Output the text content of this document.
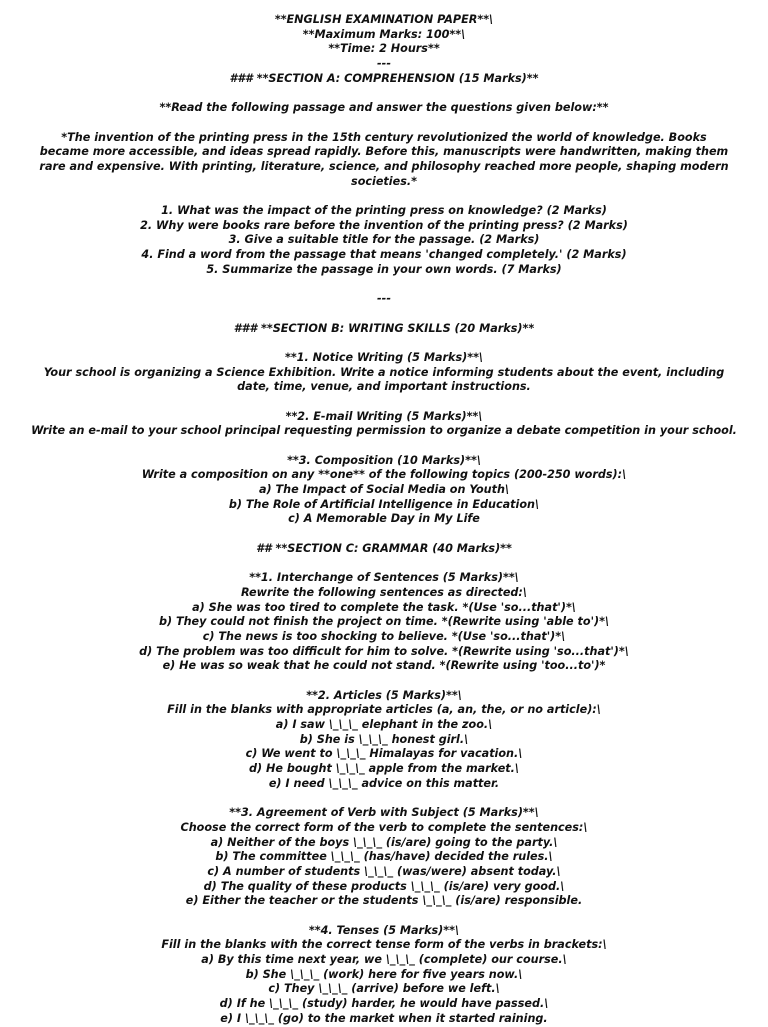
**ENGLISH EXAMINATION PAPER**\
**Maximum Marks: 100**\
**Time: 2 Hours**
---
### **SECTION A: COMPREHENSION (15 Marks)**
**Read the following passage and answer the questions given below:**
*The invention of the printing press in the 15th century revolutionized the world of knowledge. Books became more accessible, and ideas spread rapidly. Before this, manuscripts were handwritten, making them rare and expensive. With printing, literature, science, and philosophy reached more people, shaping modern societies.*
1. What was the impact of the printing press on knowledge? (2 Marks)
2. Why were books rare before the invention of the printing press? (2 Marks)
3. Give a suitable title for the passage. (2 Marks)
4. Find a word from the passage that means 'changed completely.' (2 Marks)
5. Summarize the passage in your own words. (7 Marks)
---
### **SECTION B: WRITING SKILLS (20 Marks)**
**1. Notice Writing (5 Marks)**\
Your school is organizing a Science Exhibition. Write a notice informing students about the event, including date, time, venue, and important instructions.
**2. E-mail Writing (5 Marks)**\
Write an e-mail to your school principal requesting permission to organize a debate competition in your school.
**3. Composition (10 Marks)**\
Write a composition on any **one** of the following topics (200-250 words):\
a) The Impact of Social Media on Youth\
b) The Role of Artificial Intelligence in Education\
c) A Memorable Day in My Life
## **SECTION C: GRAMMAR (40 Marks)**
**1. Interchange of Sentences (5 Marks)**\
Rewrite the following sentences as directed:\
a) She was too tired to complete the task. *(Use 'so...that')*\
b) They could not finish the project on time. *(Rewrite using 'able to')*\
c) The news is too shocking to believe. *(Use 'so...that')*\
d) The problem was too difficult for him to solve. *(Rewrite using 'so...that')*\
e) He was so weak that he could not stand. *(Rewrite using 'too...to')*
**2. Articles (5 Marks)**\
Fill in the blanks with appropriate articles (a, an, the, or no article):\
a) I saw \_\_\_ elephant in the zoo.\
b) She is \_\_\_ honest girl.\
c) We went to \_\_\_ Himalayas for vacation.\
d) He bought \_\_\_ apple from the market.\
e) I need \_\_\_ advice on this matter.
**3. Agreement of Verb with Subject (5 Marks)**\
Choose the correct form of the verb to complete the sentences:\
a) Neither of the boys \_\_\_ (is/are) going to the party.\
b) The committee \_\_\_ (has/have) decided the rules.\
c) A number of students \_\_\_ (was/were) absent today.\
d) The quality of these products \_\_\_ (is/are) very good.\
e) Either the teacher or the students \_\_\_ (is/are) responsible.
**4. Tenses (5 Marks)**\
Fill in the blanks with the correct tense form of the verbs in brackets:\
a) By this time next year, we \_\_\_ (complete) our course.\
b) She \_\_\_ (work) here for five years now.\
c) They \_\_\_ (arrive) before we left.\
d) If he \_\_\_ (study) harder, he would have passed.\
e) I \_\_\_ (go) to the market when it started raining.
